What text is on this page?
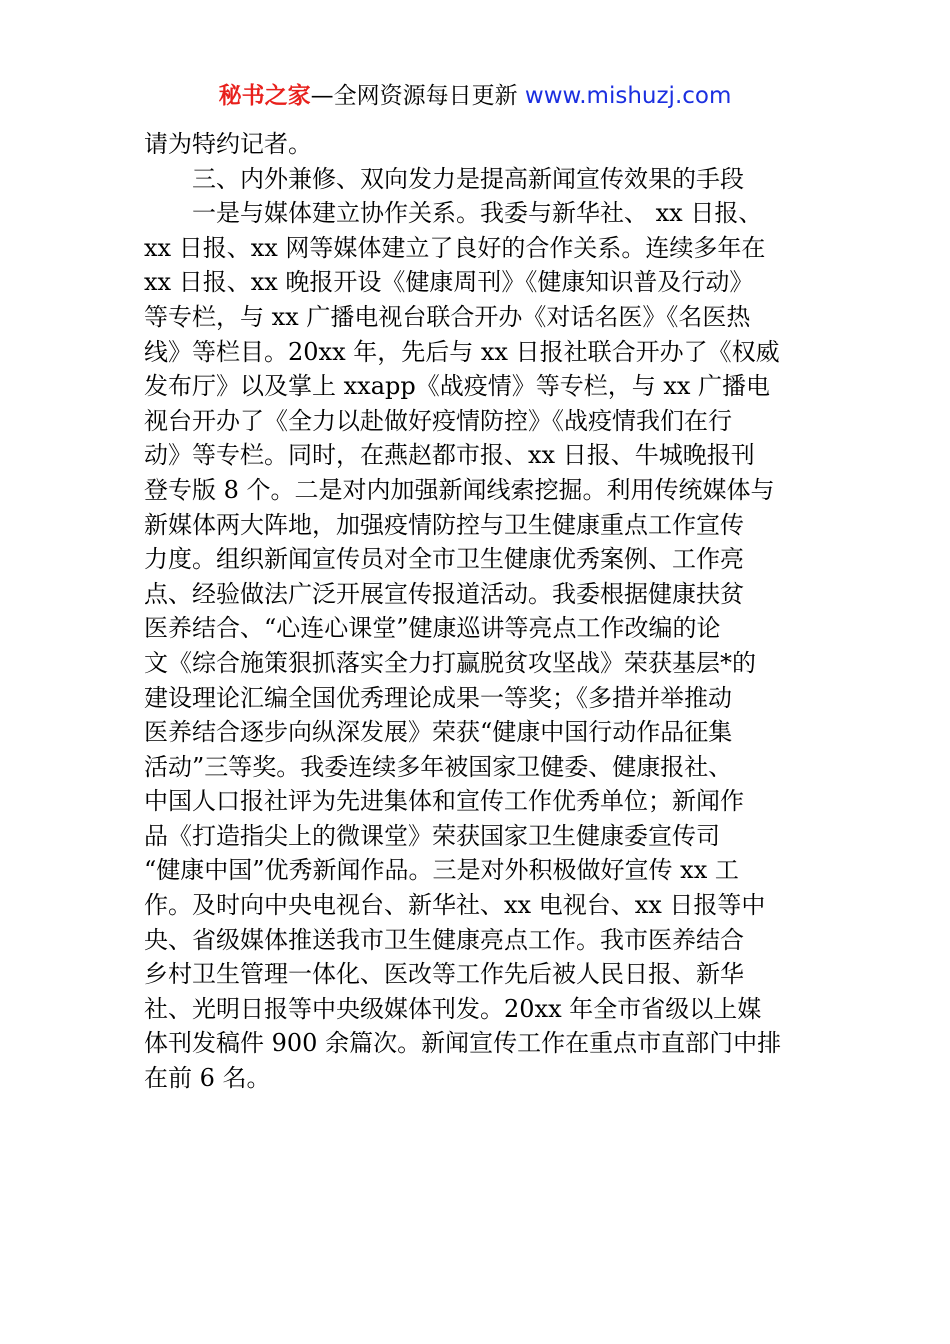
秘书之家—全网资源每日更新 www.mishuzj.com
请为特约记者。
三、内外兼修、双向发力是提高新闻宣传效果的手段
一是与媒体建立协作关系。我委与新华社、 xx 日报、
xx 日报、xx 网等媒体建立了良好的合作关系。连续多年在
xx 日报、xx 晚报开设《健康周刊》《健康知识普及行动》
等专栏，与 xx 广播电视台联合开办《对话名医》《名医热
线》等栏目。20xx 年，先后与 xx 日报社联合开办了《权威
发布厅》以及掌上 xxapp《战疫情》等专栏，与 xx 广播电
视台开办了《全力以赴做好疫情防控》《战疫情我们在行
动》等专栏。同时，在燕赵都市报、xx 日报、牛城晚报刊
登专版 8 个。二是对内加强新闻线索挖掘。利用传统媒体与
新媒体两大阵地，加强疫情防控与卫生健康重点工作宣传
力度。组织新闻宣传员对全市卫生健康优秀案例、工作亮
点、经验做法广泛开展宣传报道活动。我委根据健康扶贫
医养结合、“心连心课堂”健康巡讲等亮点工作改编的论
文《综合施策狠抓落实全力打赢脱贫攻坚战》荣获基层*的
建设理论汇编全国优秀理论成果一等奖；《多措并举推动
医养结合逐步向纵深发展》荣获“健康中国行动作品征集
活动”三等奖。我委连续多年被国家卫健委、健康报社、
中国人口报社评为先进集体和宣传工作优秀单位；新闻作
品《打造指尖上的微课堂》荣获国家卫生健康委宣传司
“健康中国”优秀新闻作品。三是对外积极做好宣传 xx 工
作。及时向中央电视台、新华社、xx 电视台、xx 日报等中
央、省级媒体推送我市卫生健康亮点工作。我市医养结合
乡村卫生管理一体化、医改等工作先后被人民日报、新华
社、光明日报等中央级媒体刊发。20xx 年全市省级以上媒
体刊发稿件 900 余篇次。新闻宣传工作在重点市直部门中排
在前 6 名。
